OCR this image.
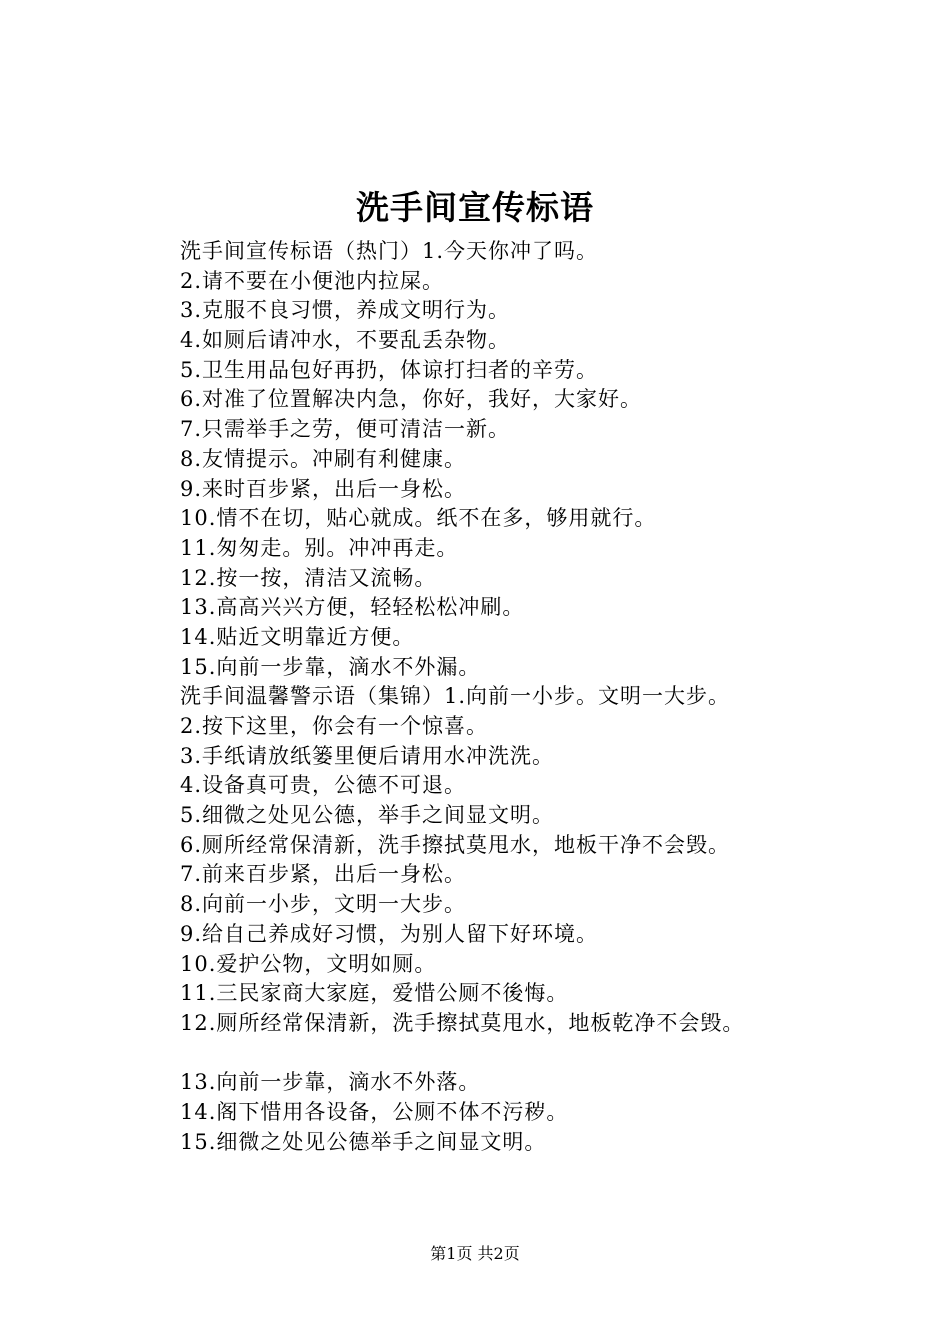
洗手间宣传标语
洗手间宣传标语（热门）1.今天你冲了吗。
2.请不要在小便池内拉屎。
3.克服不良习惯，养成文明行为。
4.如厕后请冲水，不要乱丢杂物。
5.卫生用品包好再扔，体谅打扫者的辛劳。
6.对准了位置解决内急，你好，我好，大家好。
7.只需举手之劳，便可清洁一新。
8.友情提示。冲刷有利健康。
9.来时百步紧，出后一身松。
10.情不在切，贴心就成。纸不在多，够用就行。
11.匆匆走。别。冲冲再走。
12.按一按，清洁又流畅。
13.高高兴兴方便，轻轻松松冲刷。
14.贴近文明靠近方便。
15.向前一步靠，滴水不外漏。
洗手间温馨警示语（集锦）1.向前一小步。文明一大步。
2.按下这里，你会有一个惊喜。
3.手纸请放纸篓里便后请用水冲洗洗。
4.设备真可贵，公德不可退。
5.细微之处见公德，举手之间显文明。
6.厕所经常保清新，洗手擦拭莫甩水，地板干净不会毁。
7.前来百步紧，出后一身松。
8.向前一小步，文明一大步。
9.给自己养成好习惯，为别人留下好环境。
10.爱护公物，文明如厕。
11.三民家商大家庭，爱惜公厕不後悔。
12.厕所经常保清新，洗手擦拭莫甩水，地板乾净不会毁。
13.向前一步靠，滴水不外落。
14.阁下惜用各设备，公厕不体不污秽。
15.细微之处见公德举手之间显文明。
第1页 共2页
